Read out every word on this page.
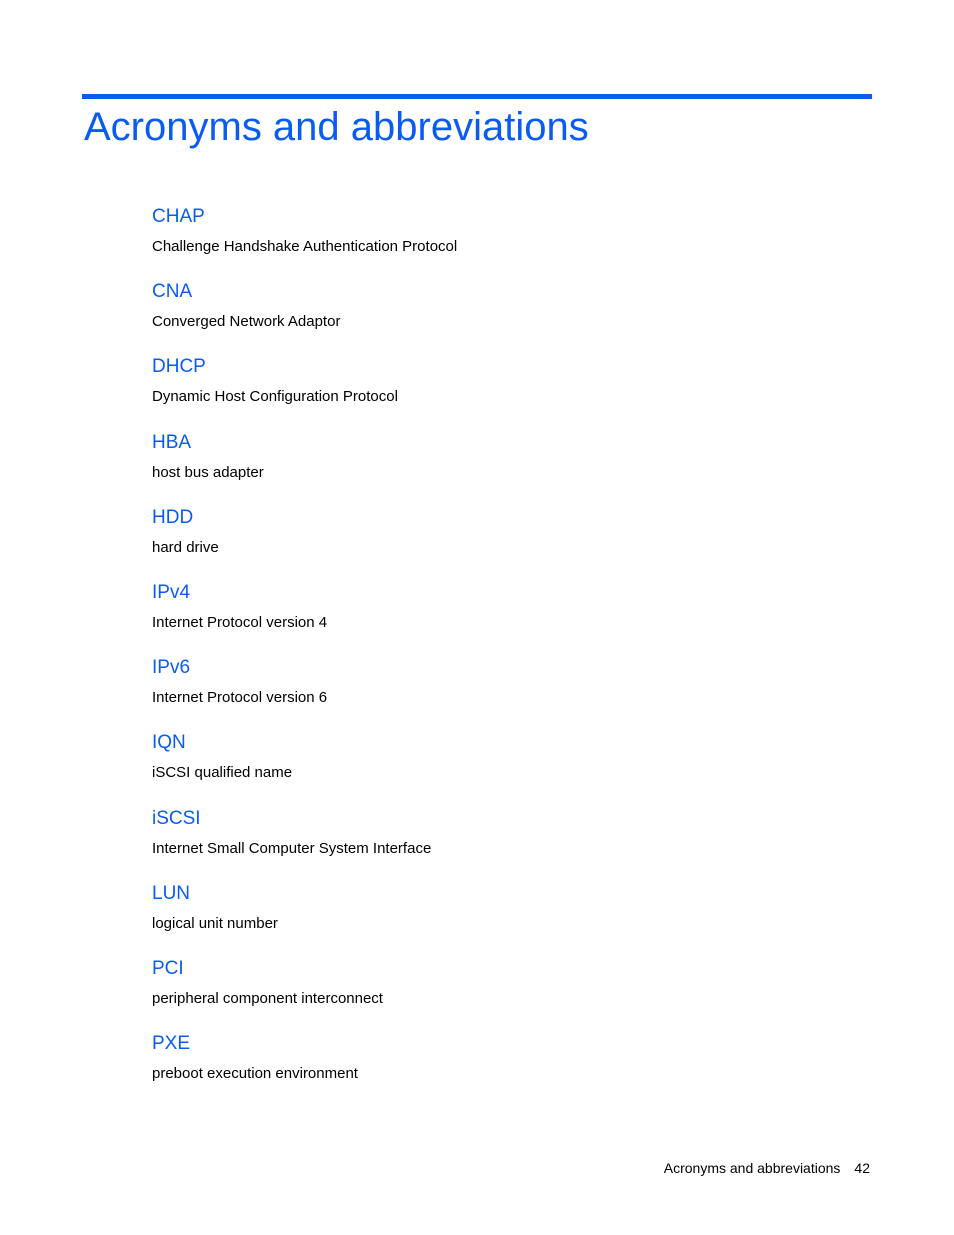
Acronyms and abbreviations
CHAP
Challenge Handshake Authentication Protocol
CNA
Converged Network Adaptor
DHCP
Dynamic Host Configuration Protocol
HBA
host bus adapter
HDD
hard drive
IPv4
Internet Protocol version 4
IPv6
Internet Protocol version 6
IQN
iSCSI qualified name
iSCSI
Internet Small Computer System Interface
LUN
logical unit number
PCI
peripheral component interconnect
PXE
preboot execution environment
Acronyms and abbreviations 42
